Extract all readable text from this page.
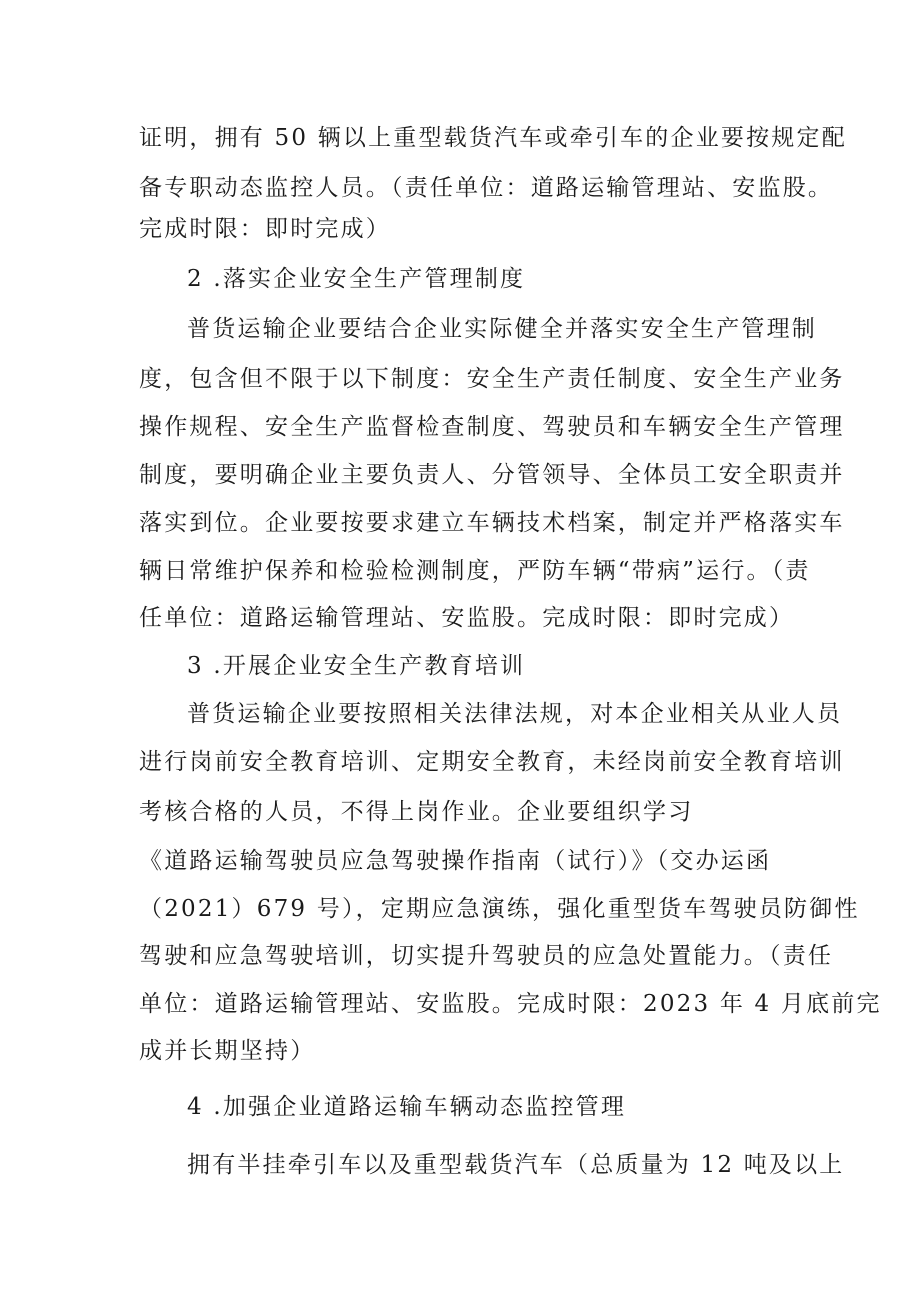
证明，拥有 50 辆以上重型载货汽车或牵引车的企业要按规定配
备专职动态监控人员。（责任单位：道路运输管理站、安监股。
完成时限：即时完成）
2 .落实企业安全生产管理制度
普货运输企业要结合企业实际健全并落实安全生产管理制
度，包含但不限于以下制度：安全生产责任制度、安全生产业务
操作规程、安全生产监督检查制度、驾驶员和车辆安全生产管理
制度，要明确企业主要负责人、分管领导、全体员工安全职责并
落实到位。企业要按要求建立车辆技术档案，制定并严格落实车
辆日常维护保养和检验检测制度，严防车辆“带病”运行。（责
任单位：道路运输管理站、安监股。完成时限：即时完成）
3 .开展企业安全生产教育培训
普货运输企业要按照相关法律法规，对本企业相关从业人员
进行岗前安全教育培训、定期安全教育，未经岗前安全教育培训
考核合格的人员，不得上岗作业。企业要组织学习
《道路运输驾驶员应急驾驶操作指南（试行）》（交办运函
（2021）679 号），定期应急演练，强化重型货车驾驶员防御性
驾驶和应急驾驶培训，切实提升驾驶员的应急处置能力。（责任
单位：道路运输管理站、安监股。完成时限：2023 年 4 月底前完
成并长期坚持）
4 .加强企业道路运输车辆动态监控管理
拥有半挂牵引车以及重型载货汽车（总质量为 12 吨及以上
